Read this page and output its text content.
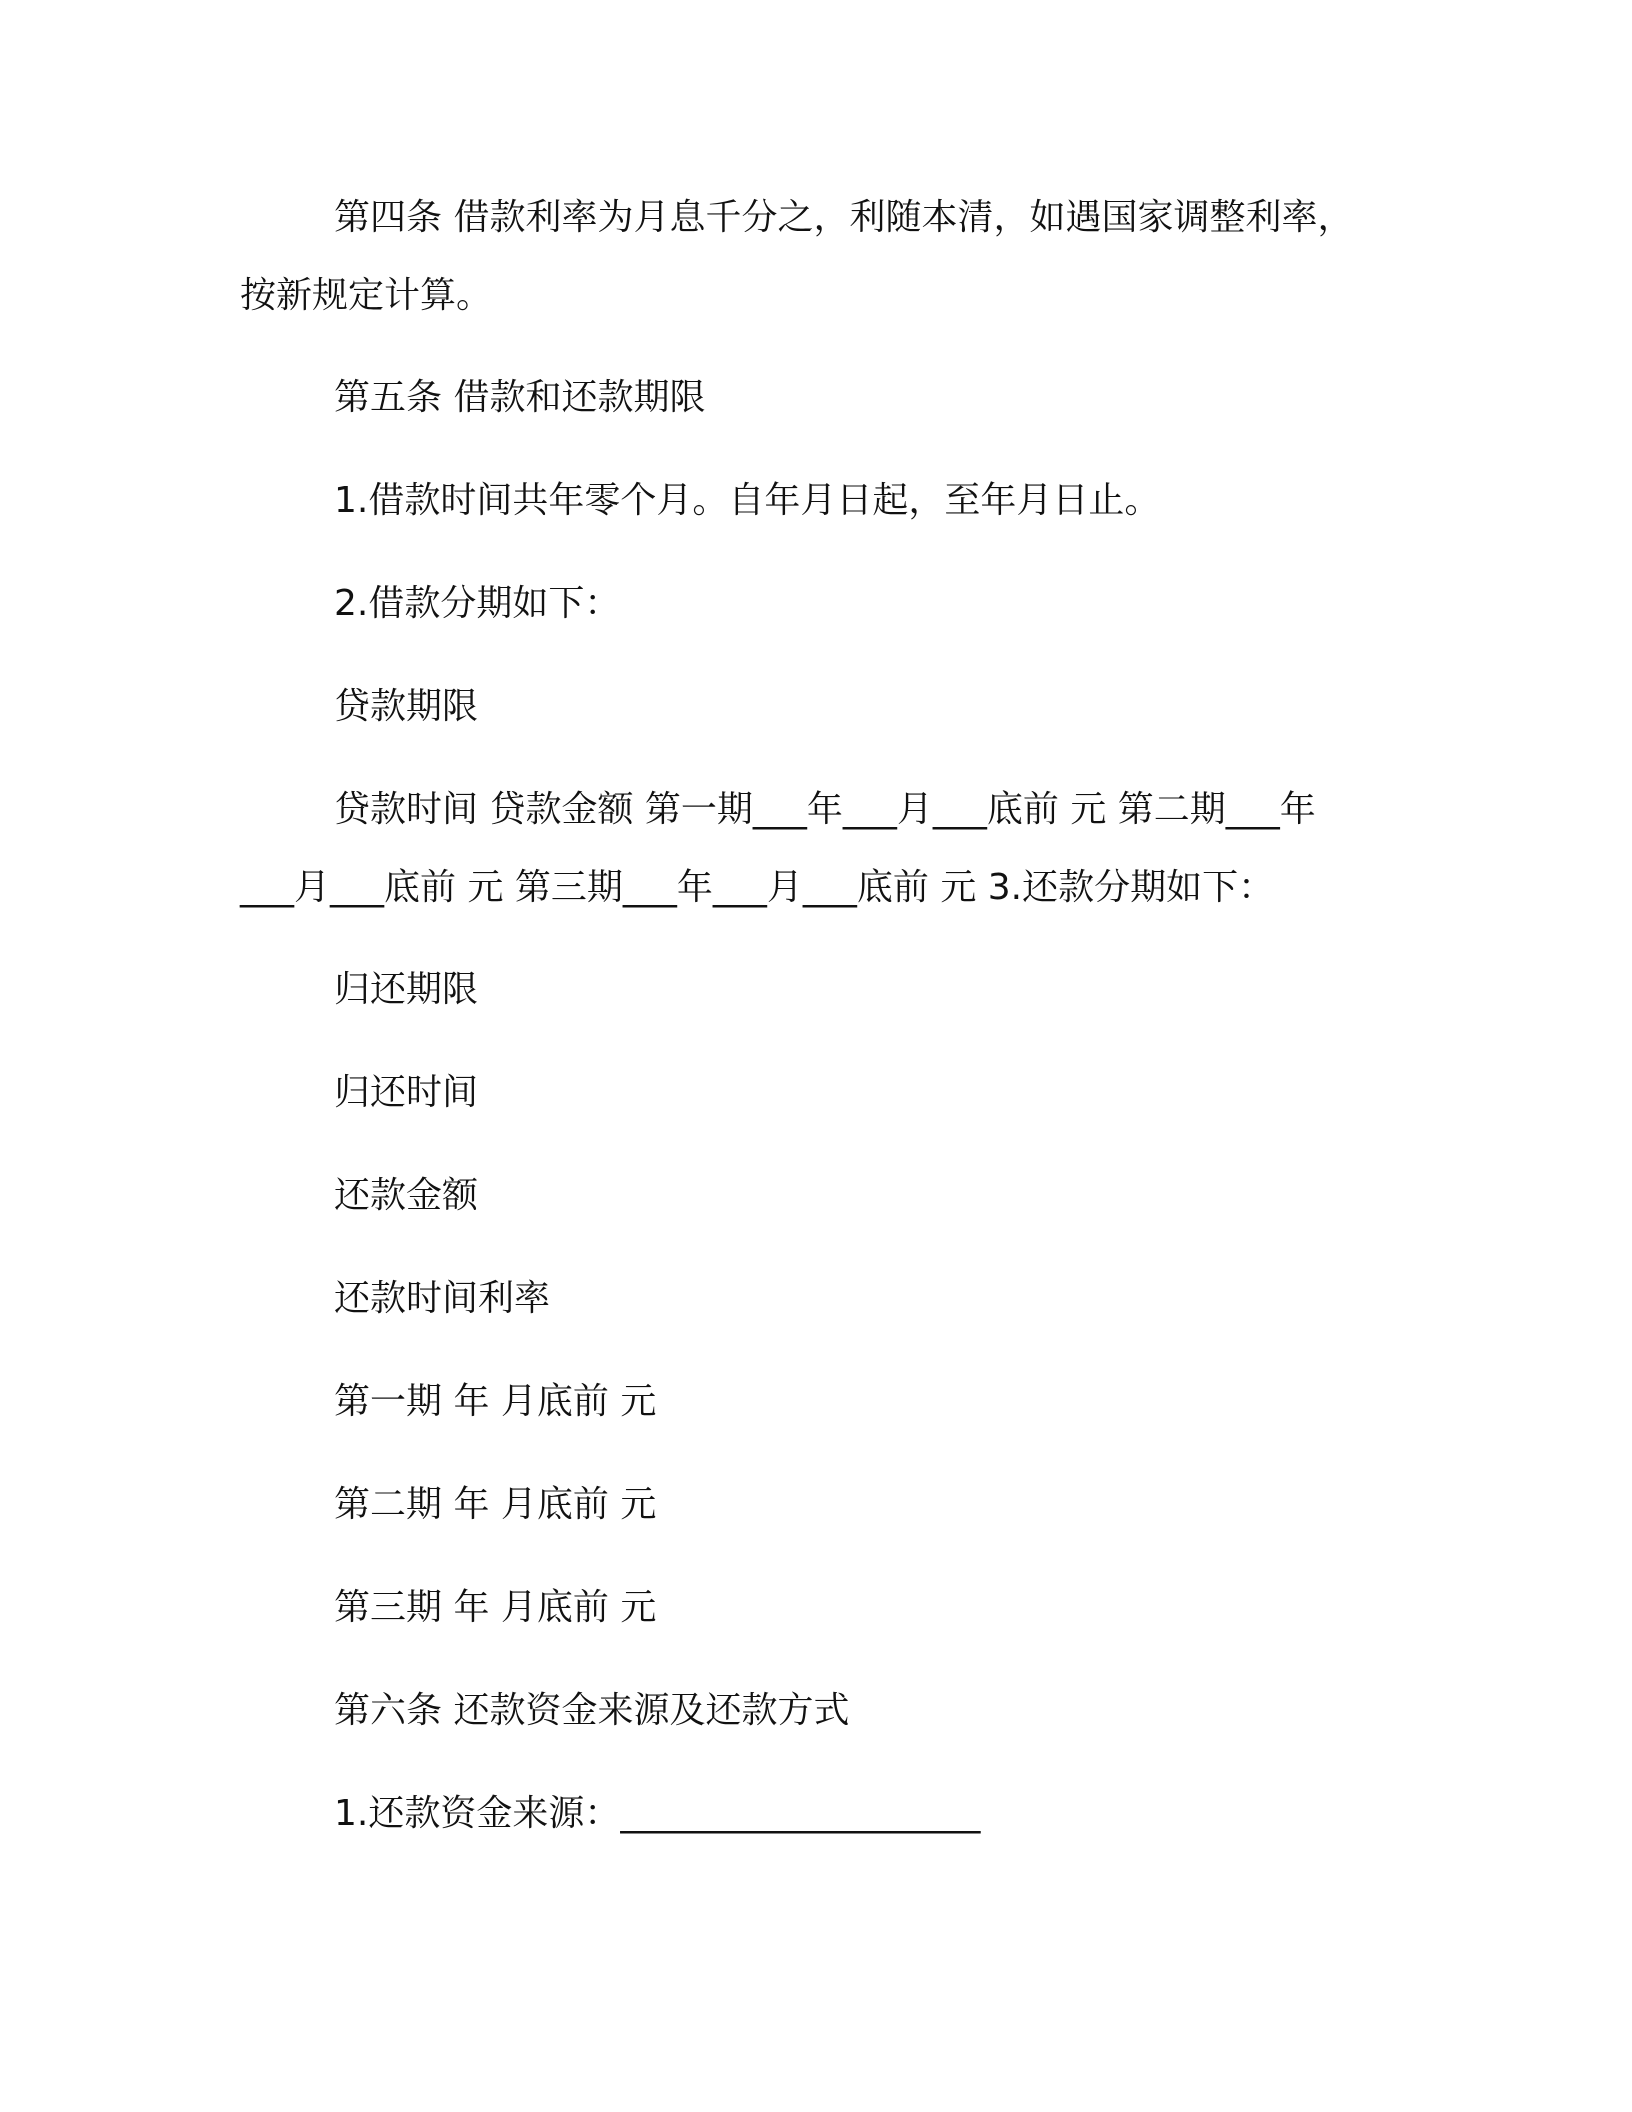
第四条 借款利率为月息千分之，利随本清，如遇国家调整利率，
按新规定计算。
第五条 借款和还款期限
1.借款时间共年零个月。自年月日起，至年月日止。
2.借款分期如下：
贷款期限
贷款时间 贷款金额 第一期___年___月___底前 元 第二期___年
___月___底前 元 第三期___年___月___底前 元 3.还款分期如下：
归还期限
归还时间
还款金额
还款时间利率
第一期 年 月底前 元
第二期 年 月底前 元
第三期 年 月底前 元
第六条 还款资金来源及还款方式
1.还款资金来源：____________________
